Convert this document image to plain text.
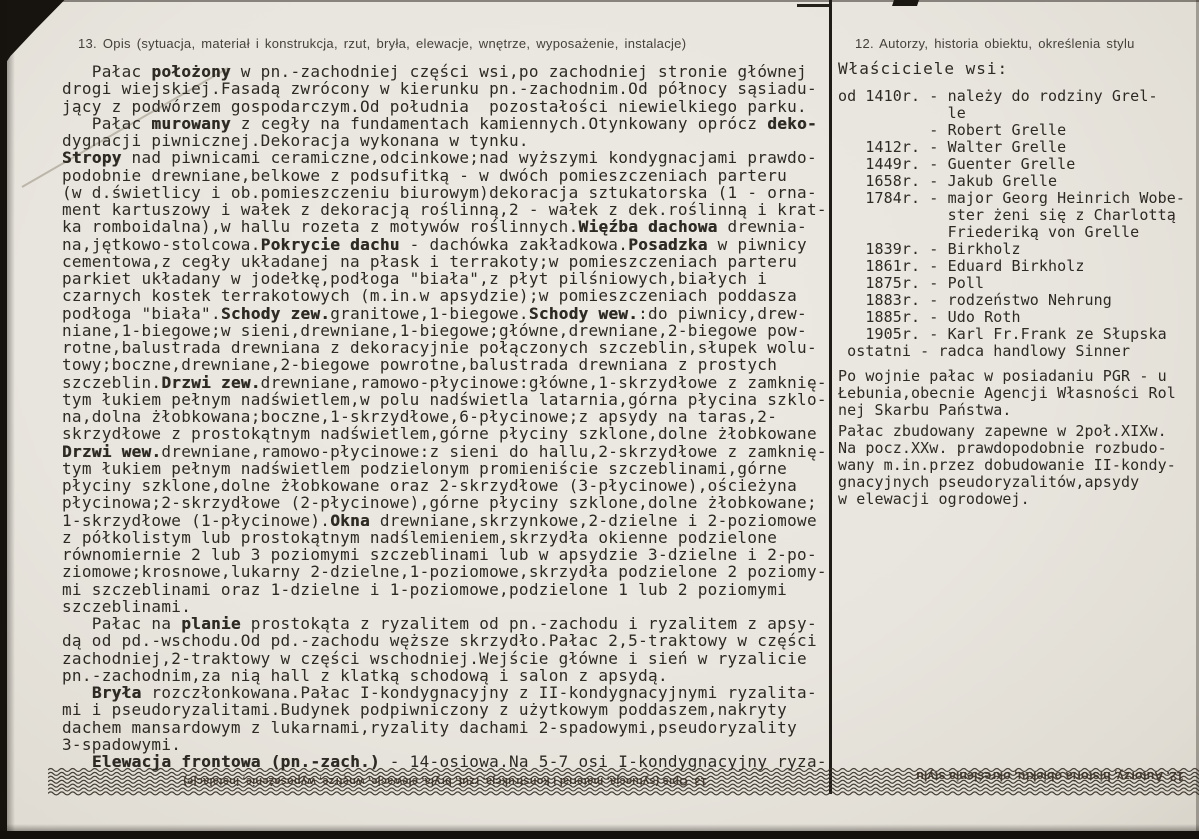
13. Opis (sytuacja, materiał i konstrukcja, rzut, bryła, elewacje, wnętrze, wyposażenie, instalacje)
Pałac położony w pn.-zachodniej części wsi,po zachodniej stronie głównej
drogi wiejskiej.Fasadą zwrócony w kierunku pn.-zachodnim.Od północy sąsiadu-
jący z podwórzem gospodarczym.Od południa  pozostałości niewielkiego parku.
Pałac murowany z cegły na fundamentach kamiennych.Otynkowany oprócz deko-
dygnacji piwnicznej.Dekoracja wykonana w tynku.
Stropy nad piwnicami ceramiczne,odcinkowe;nad wyższymi kondygnacjami prawdo-
podobnie drewniane,belkowe z podsufitką - w dwóch pomieszczeniach parteru
(w d.świetlicy i ob.pomieszczeniu biurowym)dekoracja sztukatorska (1 - orna-
ment kartuszowy i wałek z dekoracją roślinną,2 - wałek z dek.roślinną i krat-
ka romboidalna),w hallu rozeta z motywów roślinnych.Więźba dachowa drewnia-
na,jętkowo-stolcowa.Pokrycie dachu - dachówka zakładkowa.Posadzka w piwnicy
cementowa,z cegły układanej na płask i terrakoty;w pomieszczeniach parteru
parkiet układany w jodełkę,podłoga "biała",z płyt pilśniowych,białych i
czarnych kostek terrakotowych (m.in.w apsydzie);w pomieszczeniach poddasza
podłoga "biała".Schody zew.granitowe,1-biegowe.Schody wew.:do piwnicy,drew-
niane,1-biegowe;w sieni,drewniane,1-biegowe;główne,drewniane,2-biegowe pow-
rotne,balustrada drewniana z dekoracyjnie połączonych szczeblin,słupek wolu-
towy;boczne,drewniane,2-biegowe powrotne,balustrada drewniana z prostych
szczeblin.Drzwi zew.drewniane,ramowo-płycinowe:główne,1-skrzydłowe z zamknię-
tym łukiem pełnym nadświetlem,w polu nadświetla latarnia,górna płycina szklo-
na,dolna żłobkowana;boczne,1-skrzydłowe,6-płycinowe;z apsydy na taras,2-
skrzydłowe z prostokątnym nadświetlem,górne płyciny szklone,dolne żłobkowane
Drzwi wew.drewniane,ramowo-płycinowe:z sieni do hallu,2-skrzydłowe z zamknię-
tym łukiem pełnym nadświetlem podzielonym promieniście szczeblinami,górne
płyciny szklone,dolne żłobkowane oraz 2-skrzydłowe (3-płycinowe),ościeżyna
płycinowa;2-skrzydłowe (2-płycinowe),górne płyciny szklone,dolne żłobkowane;
1-skrzydłowe (1-płycinowe).Okna drewniane,skrzynkowe,2-dzielne i 2-poziomowe
z półkolistym lub prostokątnym nadślemieniem,skrzydła okienne podzielone
równomiernie 2 lub 3 poziomymi szczeblinami lub w apsydzie 3-dzielne i 2-po-
ziomowe;krosnowe,lukarny 2-dzielne,1-poziomowe,skrzydła podzielone 2 poziomy-
mi szczeblinami oraz 1-dzielne i 1-poziomowe,podzielone 1 lub 2 poziomymi
szczeblinami.
Pałac na planie prostokąta z ryzalitem od pn.-zachodu i ryzalitem z apsy-
dą od pd.-wschodu.Od pd.-zachodu węższe skrzydło.Pałac 2,5-traktowy w części
zachodniej,2-traktowy w części wschodniej.Wejście główne i sień w ryzalicie
pn.-zachodnim,za nią hall z klatką schodową i salon z apsydą.
Bryła rozczłonkowana.Pałac I-kondygnacyjny z II-kondygnacyjnymi ryzalita-
mi i pseudoryzalitami.Budynek podpiwniczony z użytkowym poddaszem,nakryty
dachem mansardowym z lukarnami,ryzality dachami 2-spadowymi,pseudoryzality
3-spadowymi.
Elewacja frontowa (pn.-zach.) - 14-osiowa.Na 5-7 osi I-kondygnacyjny ryza-
12. Autorzy, historia obiektu, określenia stylu
Właściciele wsi:
od 1410r. - należy do rodziny Grel-
le
- Robert Grelle
1412r. - Walter Grelle
1449r. - Guenter Grelle
1658r. - Jakub Grelle
1784r. - major Georg Heinrich Wobe-
ster żeni się z Charlottą
Friederiką von Grelle
1839r. - Birkholz
1861r. - Eduard Birkholz
1875r. - Poll
1883r. - rodzeństwo Nehrung
1885r. - Udo Roth
1905r. - Karl Fr.Frank ze Słupska
ostatni - radca handlowy Sinner
Po wojnie pałac w posiadaniu PGR - u
Łebunia,obecnie Agencji Własności Rol
nej Skarbu Państwa.
Pałac zbudowany zapewne w 2poł.XIXw.
Na pocz.XXw. prawdopodobnie rozbudo-
wany m.in.przez dobudowanie II-kondy-
gnacyjnych pseudoryzalitów,apsydy
w elewacji ogrodowej.
13. Opis (sytuacja, materiał i konstrukcja, rzut, bryła, elewacje, wnętrze, wyposażenie, instalacje)	12. Autorzy, historia obiektu, określenia stylu
